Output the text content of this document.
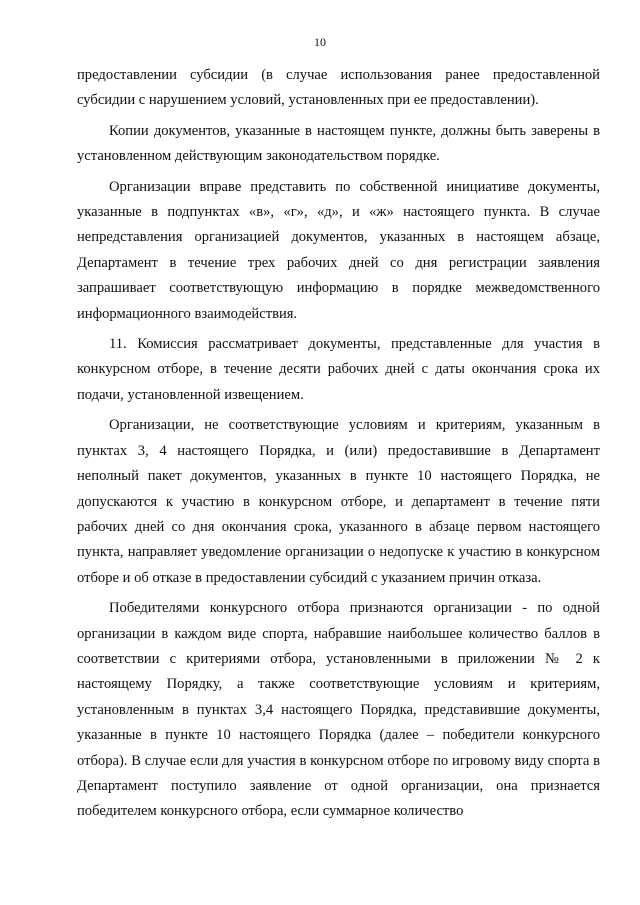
10

предоставлении субсидии (в случае использования ранее предоставленной субсидии с нарушением условий, установленных при ее предоставлении).

Копии документов, указанные в настоящем пункте, должны быть заверены в установленном действующим законодательством порядке.

Организации вправе представить по собственной инициативе документы, указанные в подпунктах «в», «г», «д», и «ж» настоящего пункта. В случае непредставления организацией документов, указанных в настоящем абзаце, Департамент в течение трех рабочих дней со дня регистрации заявления запрашивает соответствующую информацию в порядке межведомственного информационного взаимодействия.

11. Комиссия рассматривает документы, представленные для участия в конкурсном отборе, в течение десяти рабочих дней с даты окончания срока их подачи, установленной извещением.

Организации, не соответствующие условиям и критериям, указанным в пунктах 3, 4 настоящего Порядка, и (или) предоставившие в Департамент неполный пакет документов, указанных в пункте 10 настоящего Порядка, не допускаются к участию в конкурсном отборе, и департамент в течение пяти рабочих дней со дня окончания срока, указанного в абзаце первом настоящего пункта, направляет уведомление организации о недопуске к участию в конкурсном отборе и об отказе в предоставлении субсидий с указанием причин отказа.

Победителями конкурсного отбора признаются организации - по одной организации в каждом виде спорта, набравшие наибольшее количество баллов в соответствии с критериями отбора, установленными в приложении № 2 к настоящему Порядку, а также соответствующие условиям и критериям, установленным в пунктах 3,4 настоящего Порядка, представившие документы, указанные в пункте 10 настоящего Порядка (далее – победители конкурсного отбора). В случае если для участия в конкурсном отборе по игровому виду спорта в Департамент поступило заявление от одной организации, она признается победителем конкурсного отбора, если суммарное количество
